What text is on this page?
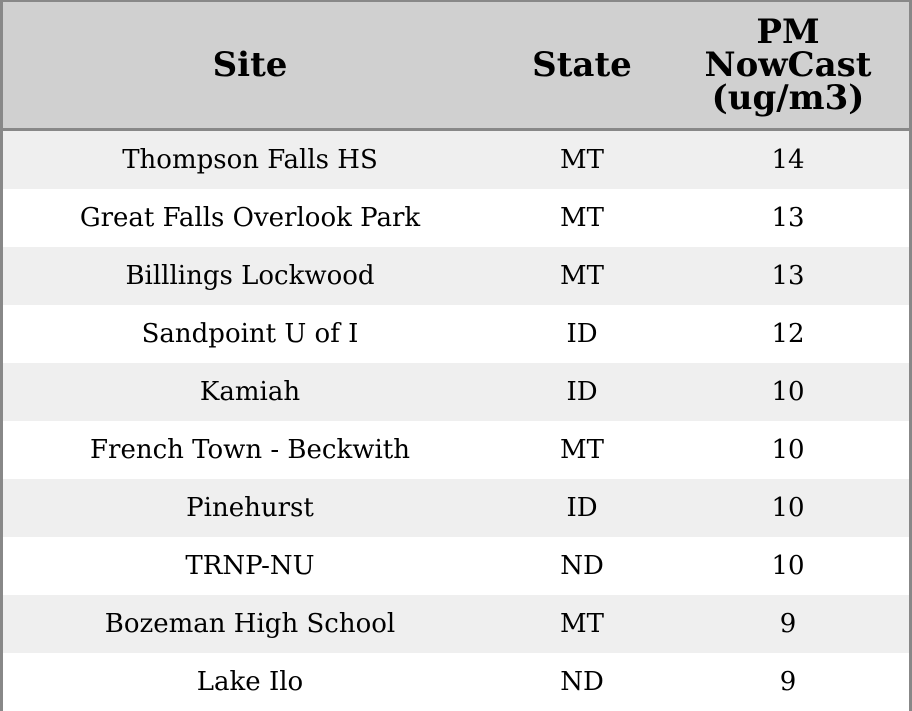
Site	State	PM
NowCast
(ug/m3)

Thompson Falls HS	MT	14
Great Falls Overlook Park	MT	13
Billlings Lockwood	MT	13
Sandpoint U of I	ID	12
Kamiah	ID	10
French Town - Beckwith	MT	10
Pinehurst	ID	10
TRNP-NU	ND	10
Bozeman High School	MT	9
Lake Ilo	ND	9
